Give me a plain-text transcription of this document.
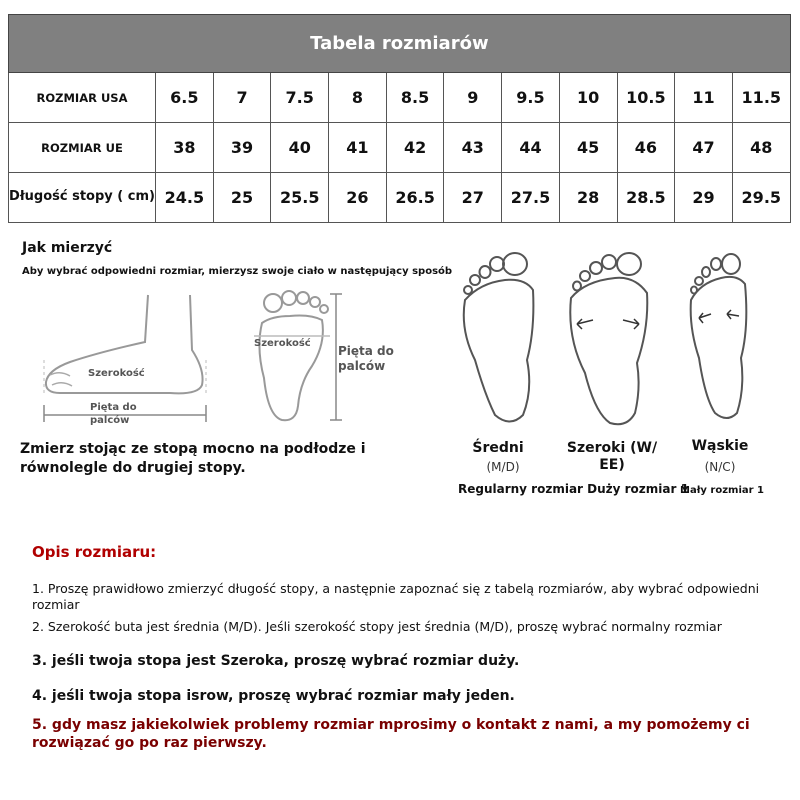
Tabela rozmiarów											
ROZMIAR USA	6.5	7	7.5	8	8.5	9	9.5	10	10.5	11	11.5
ROZMIAR UE	38	39	40	41	42	43	44	45	46	47	48
Długość stopy ( cm)	24.5	25	25.5	26	26.5	27	27.5	28	28.5	29	29.5
Jak mierzyć
Aby wybrać odpowiedni rozmiar, mierzysz swoje ciało w następujący sposób
Szerokość
Pięta do palców
Szerokość
Pięta do palców
Zmierz stojąc ze stopą mocno na podłodze i równolegle do drugiej stopy.
Średni
(M/D)
Szeroki (W/ EE)
Wąskie
(N/C)
Regularny rozmiar Duży rozmiar 1
Mały rozmiar 1
Opis rozmiaru:
1. Proszę prawidłowo zmierzyć długość stopy, a następnie zapoznać się z tabelą rozmiarów, aby wybrać odpowiedni rozmiar
2. Szerokość buta jest średnia (M/D). Jeśli szerokość stopy jest średnia (M/D), proszę wybrać normalny rozmiar
3. jeśli twoja stopa jest Szeroka, proszę wybrać rozmiar duży.
4. jeśli twoja stopa isrow, proszę wybrać rozmiar mały jeden.
5. gdy masz jakiekolwiek problemy rozmiar mprosimy o kontakt z nami, a my pomożemy ci rozwiązać go po raz pierwszy.
